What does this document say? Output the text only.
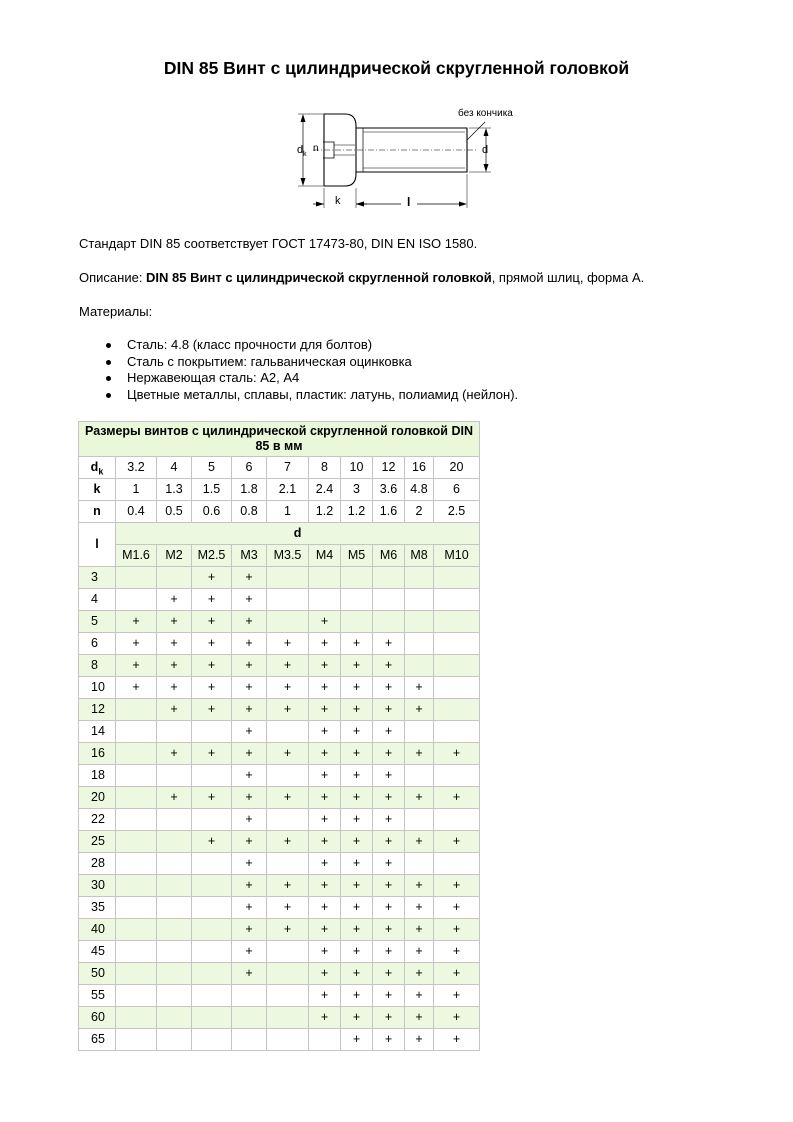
DIN 85 Винт с цилиндрической скругленной головкой
без кончика
$d_k$
n	d
k	l
Стандарт DIN 85 соответствует ГОСТ 17473-80, DIN EN ISO 1580.
Описание: DIN 85 Винт с цилиндрической скругленной головкой, прямой шлиц, форма А.
Материалы:
Сталь: 4.8 (класс прочности для болтов)
Сталь с покрытием: гальваническая оцинковка
Нержавеющая сталь: А2, А4
Цветные металлы, сплавы, пластик: латунь, полиамид (нейлон).
Размеры винтов с цилиндрической скругленной головкой DIN 85 в мм										
$d_k$	3.2	4	5	6	7	8	10	12	16	20
k	1	1.3	1.5	1.8	2.1	2.4	3	3.6	4.8	6
n	0.4	0.5	0.6	0.8	1	1.2	1.2	1.6	2	2.5
l	d									
	M1.6	M2	M2.5	M3	M3.5	M4	M5	M6	M8	M10
3			+	+						
4		+	+	+						
5	+	+	+	+		+				
6	+	+	+	+	+	+	+	+		
8	+	+	+	+	+	+	+	+		
10	+	+	+	+	+	+	+	+	+	
12		+	+	+	+	+	+	+	+	
14				+		+	+	+		
16		+	+	+	+	+	+	+	+	+
18				+		+	+	+		
20		+	+	+	+	+	+	+	+	+
22				+		+	+	+		
25			+	+	+	+	+	+	+	+
28				+		+	+	+		
30				+	+	+	+	+	+	+
35				+	+	+	+	+	+	+
40				+	+	+	+	+	+	+
45				+		+	+	+	+	+
50				+		+	+	+	+	+
55						+	+	+	+	+
60						+	+	+	+	+
65							+	+	+	+
